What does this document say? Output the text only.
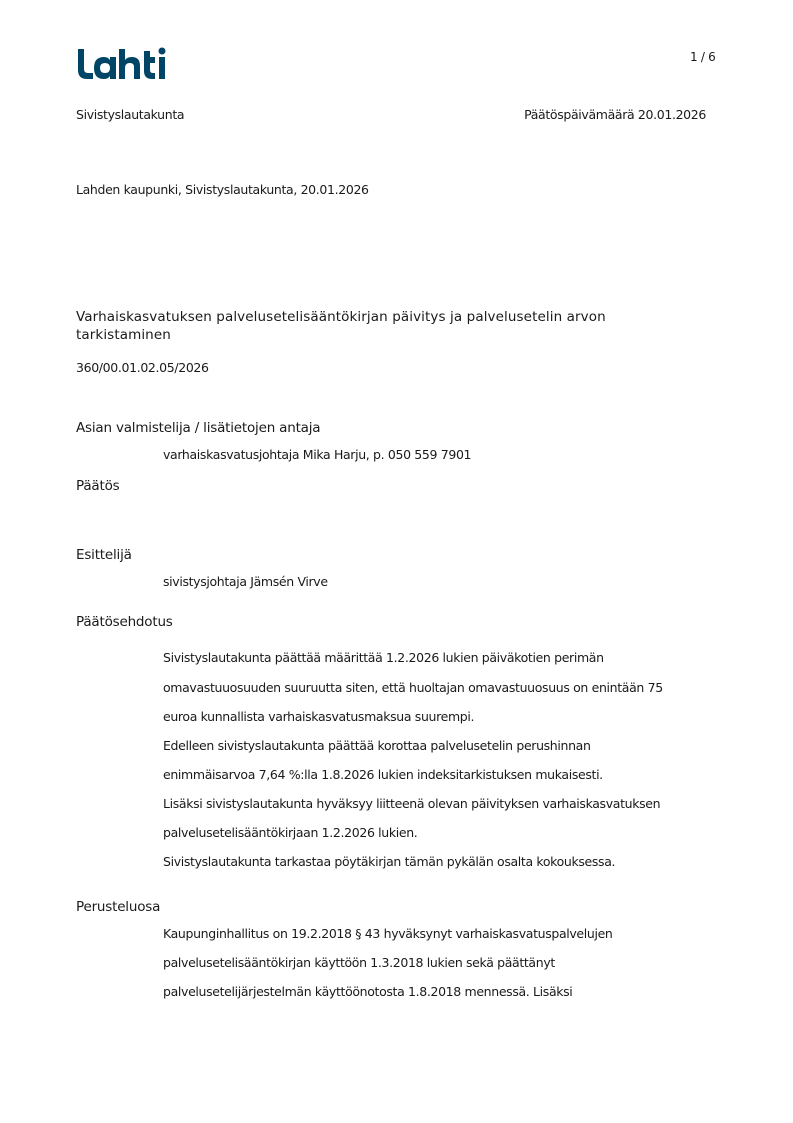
1 / 6
Sivistyslautakunta	Päätöspäivämäärä 20.01.2026
Lahden kaupunki, Sivistyslautakunta, 20.01.2026
Varhaiskasvatuksen palvelusetelisääntökirjan päivitys ja palvelusetelin arvon
tarkistaminen
360/00.01.02.05/2026
Asian valmistelija / lisätietojen antaja
varhaiskasvatusjohtaja Mika Harju, p. 050 559 7901
Päätös
Esittelijä
sivistysjohtaja Jämsén Virve
Päätösehdotus
Sivistyslautakunta päättää määrittää 1.2.2026 lukien päiväkotien perimän
omavastuuosuuden suuruutta siten, että huoltajan omavastuuosuus on enintään 75
euroa kunnallista varhaiskasvatusmaksua suurempi.
Edelleen sivistyslautakunta päättää korottaa palvelusetelin perushinnan
enimmäisarvoa 7,64 %:lla 1.8.2026 lukien indeksitarkistuksen mukaisesti.
Lisäksi sivistyslautakunta hyväksyy liitteenä olevan päivityksen varhaiskasvatuksen
palvelusetelisääntökirjaan 1.2.2026 lukien.
Sivistyslautakunta tarkastaa pöytäkirjan tämän pykälän osalta kokouksessa.
Perusteluosa
Kaupunginhallitus on 19.2.2018 § 43 hyväksynyt varhaiskasvatuspalvelujen
palvelusetelisääntökirjan käyttöön 1.3.2018 lukien sekä päättänyt
palvelusetelijärjestelmän käyttöönotosta 1.8.2018 mennessä. Lisäksi
